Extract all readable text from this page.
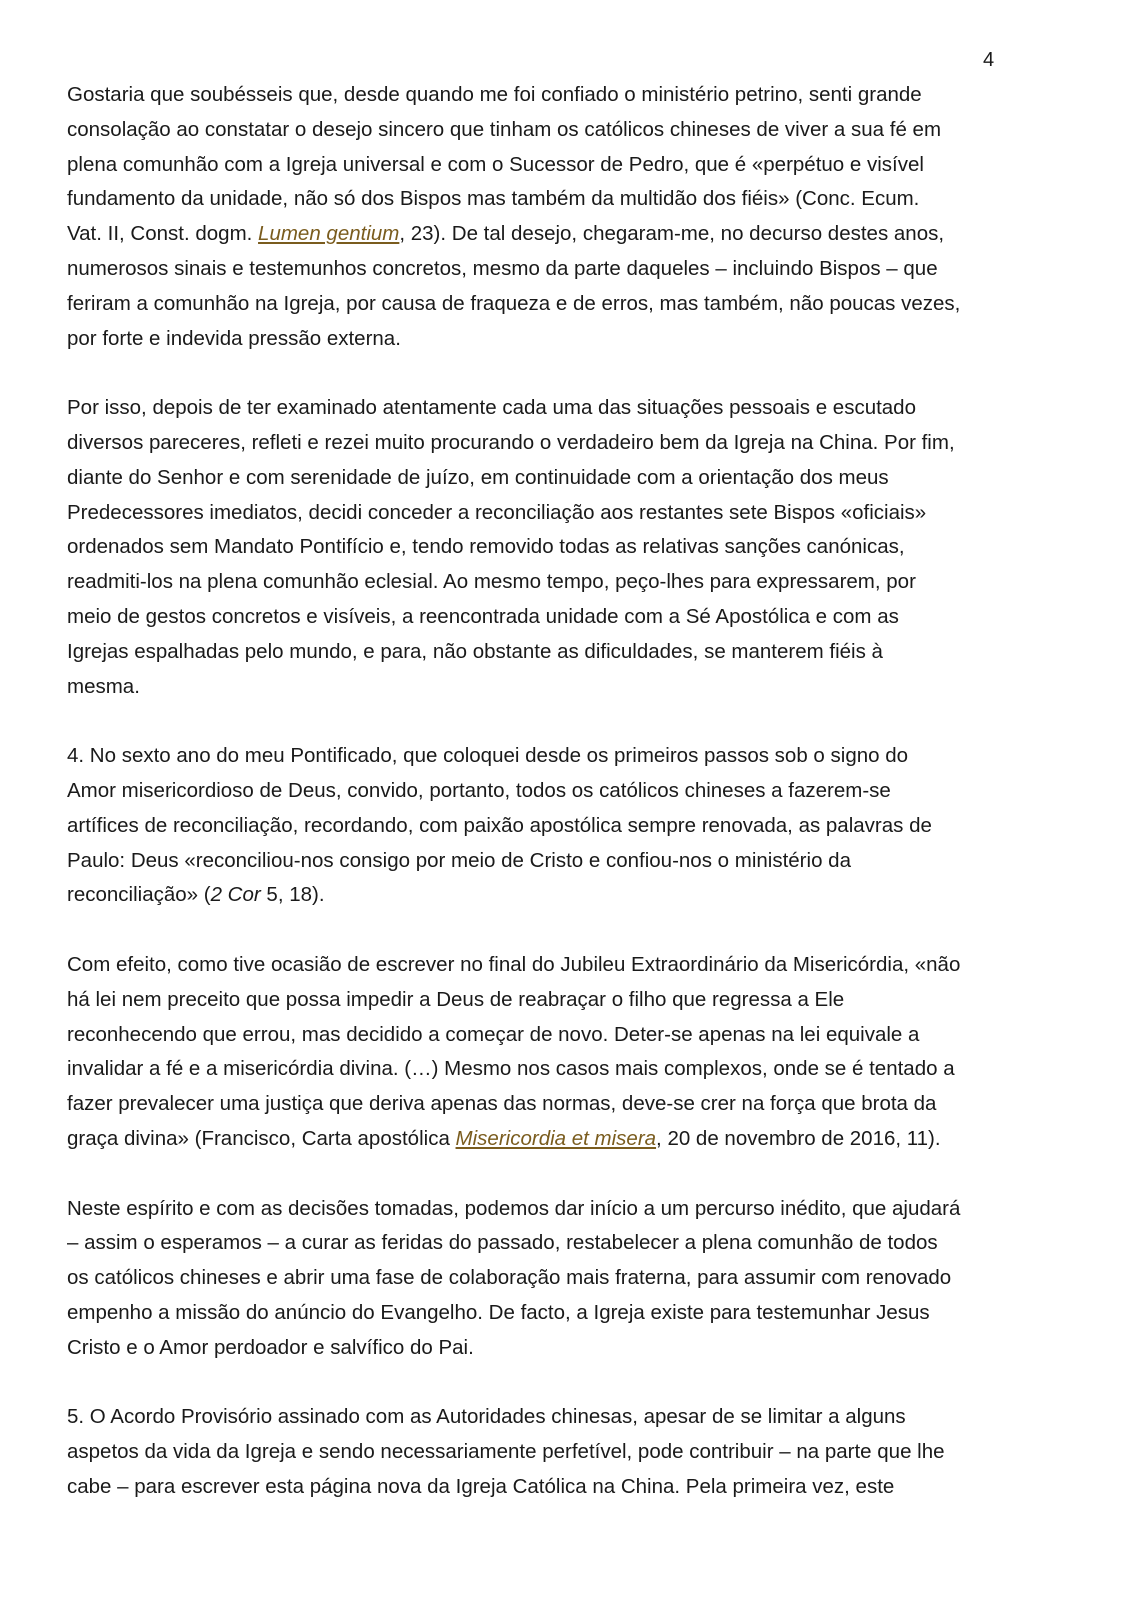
4

Gostaria que soubésseis que, desde quando me foi confiado o ministério petrino, senti grande
consolação ao constatar o desejo sincero que tinham os católicos chineses de viver a sua fé em
plena comunhão com a Igreja universal e com o Sucessor de Pedro, que é «perpétuo e visível
fundamento da unidade, não só dos Bispos mas também da multidão dos fiéis» (Conc. Ecum.
Vat. II, Const. dogm. Lumen gentium, 23). De tal desejo, chegaram-me, no decurso destes anos,
numerosos sinais e testemunhos concretos, mesmo da parte daqueles – incluindo Bispos – que
feriram a comunhão na Igreja, por causa de fraqueza e de erros, mas também, não poucas vezes,
por forte e indevida pressão externa.

Por isso, depois de ter examinado atentamente cada uma das situações pessoais e escutado
diversos pareceres, refleti e rezei muito procurando o verdadeiro bem da Igreja na China. Por fim,
diante do Senhor e com serenidade de juízo, em continuidade com a orientação dos meus
Predecessores imediatos, decidi conceder a reconciliação aos restantes sete Bispos «oficiais»
ordenados sem Mandato Pontifício e, tendo removido todas as relativas sanções canónicas,
readmiti-los na plena comunhão eclesial. Ao mesmo tempo, peço-lhes para expressarem, por
meio de gestos concretos e visíveis, a reencontrada unidade com a Sé Apostólica e com as
Igrejas espalhadas pelo mundo, e para, não obstante as dificuldades, se manterem fiéis à
mesma.

4. No sexto ano do meu Pontificado, que coloquei desde os primeiros passos sob o signo do
Amor misericordioso de Deus, convido, portanto, todos os católicos chineses a fazerem-se
artífices de reconciliação, recordando, com paixão apostólica sempre renovada, as palavras de
Paulo: Deus «reconciliou-nos consigo por meio de Cristo e confiou-nos o ministério da
reconciliação» (2 Cor 5, 18).

Com efeito, como tive ocasião de escrever no final do Jubileu Extraordinário da Misericórdia, «não
há lei nem preceito que possa impedir a Deus de reabraçar o filho que regressa a Ele
reconhecendo que errou, mas decidido a começar de novo. Deter-se apenas na lei equivale a
invalidar a fé e a misericórdia divina. (…) Mesmo nos casos mais complexos, onde se é tentado a
fazer prevalecer uma justiça que deriva apenas das normas, deve-se crer na força que brota da
graça divina» (Francisco, Carta apostólica Misericordia et misera, 20 de novembro de 2016, 11).

Neste espírito e com as decisões tomadas, podemos dar início a um percurso inédito, que ajudará
– assim o esperamos – a curar as feridas do passado, restabelecer a plena comunhão de todos
os católicos chineses e abrir uma fase de colaboração mais fraterna, para assumir com renovado
empenho a missão do anúncio do Evangelho. De facto, a Igreja existe para testemunhar Jesus
Cristo e o Amor perdoador e salvífico do Pai.

5. O Acordo Provisório assinado com as Autoridades chinesas, apesar de se limitar a alguns
aspetos da vida da Igreja e sendo necessariamente perfetível, pode contribuir – na parte que lhe
cabe – para escrever esta página nova da Igreja Católica na China. Pela primeira vez, este
